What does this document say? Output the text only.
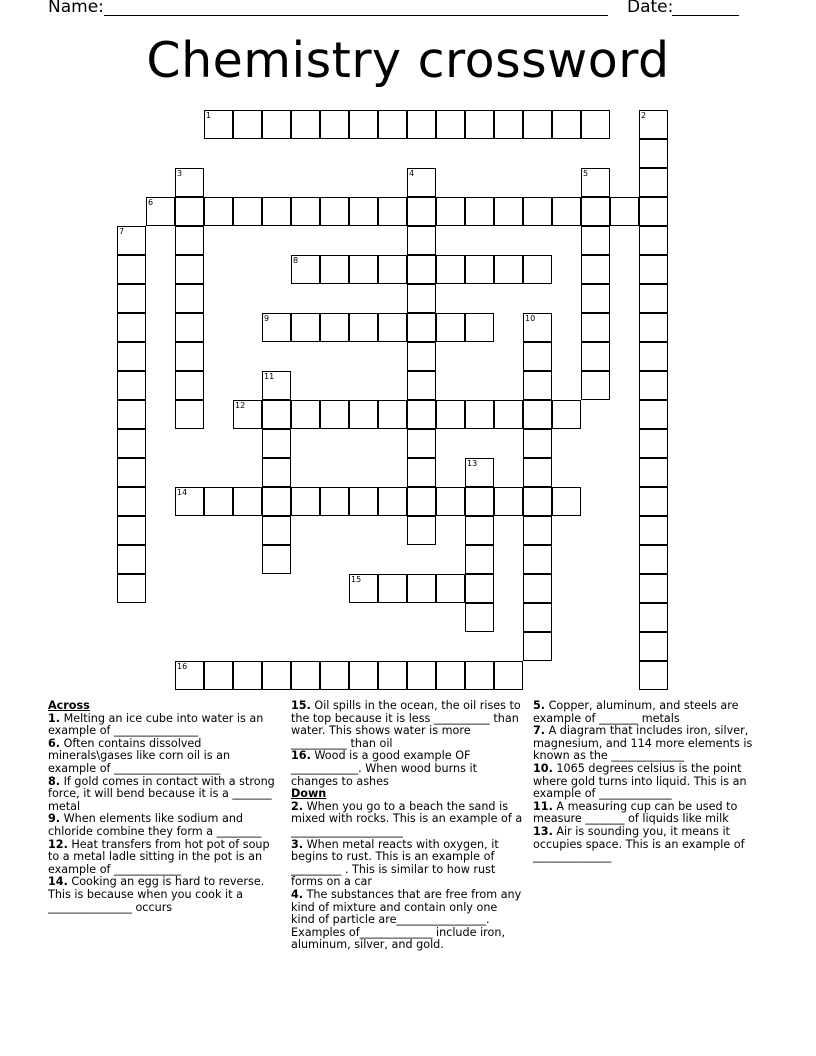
Name:	Date:
Chemistry crossword
1
6
8
9
12
14
15
16
2
3	4	5
7
10
11
13
Across
1. Melting an ice cube into water is an example of _______________
6. Often contains dissolved minerals\gases like corn oil is an example of ___________________
8. If gold comes in contact with a strong force, it will bend because it is a _______ metal
9. When elements like sodium and chloride combine they form a ________
12. Heat transfers from hot pot of soup to a metal ladle sitting in the pot is an example of ____________
14. Cooking an egg is hard to reverse. This is because when you cook it a _______________ occurs
15. Oil spills in the ocean, the oil rises to the top because it is less __________ than water. This shows water is more __________ than oil
16. Wood is a good example OF ____________. When wood burns it changes to ashes
Down
2. When you go to a beach the sand is mixed with rocks. This is an example of a ____________________
3. When metal reacts with oxygen, it begins to rust. This is an example of _________ . This is similar to how rust forms on a car
4. The substances that are free from any kind of mixture and contain only one kind of particle are________________. Examples of_____________ include iron, aluminum, silver, and gold.
5. Copper, aluminum, and steels are example of _______ metals
7. A diagram that includes iron, silver, magnesium, and 114 more elements is known as the _____________
10. 1065 degrees celsius is the point where gold turns into liquid. This is an example of _____________
11. A measuring cup can be used to measure _______ of liquids like milk
13. Air is sounding you, it means it occupies space. This is an example of ______________
